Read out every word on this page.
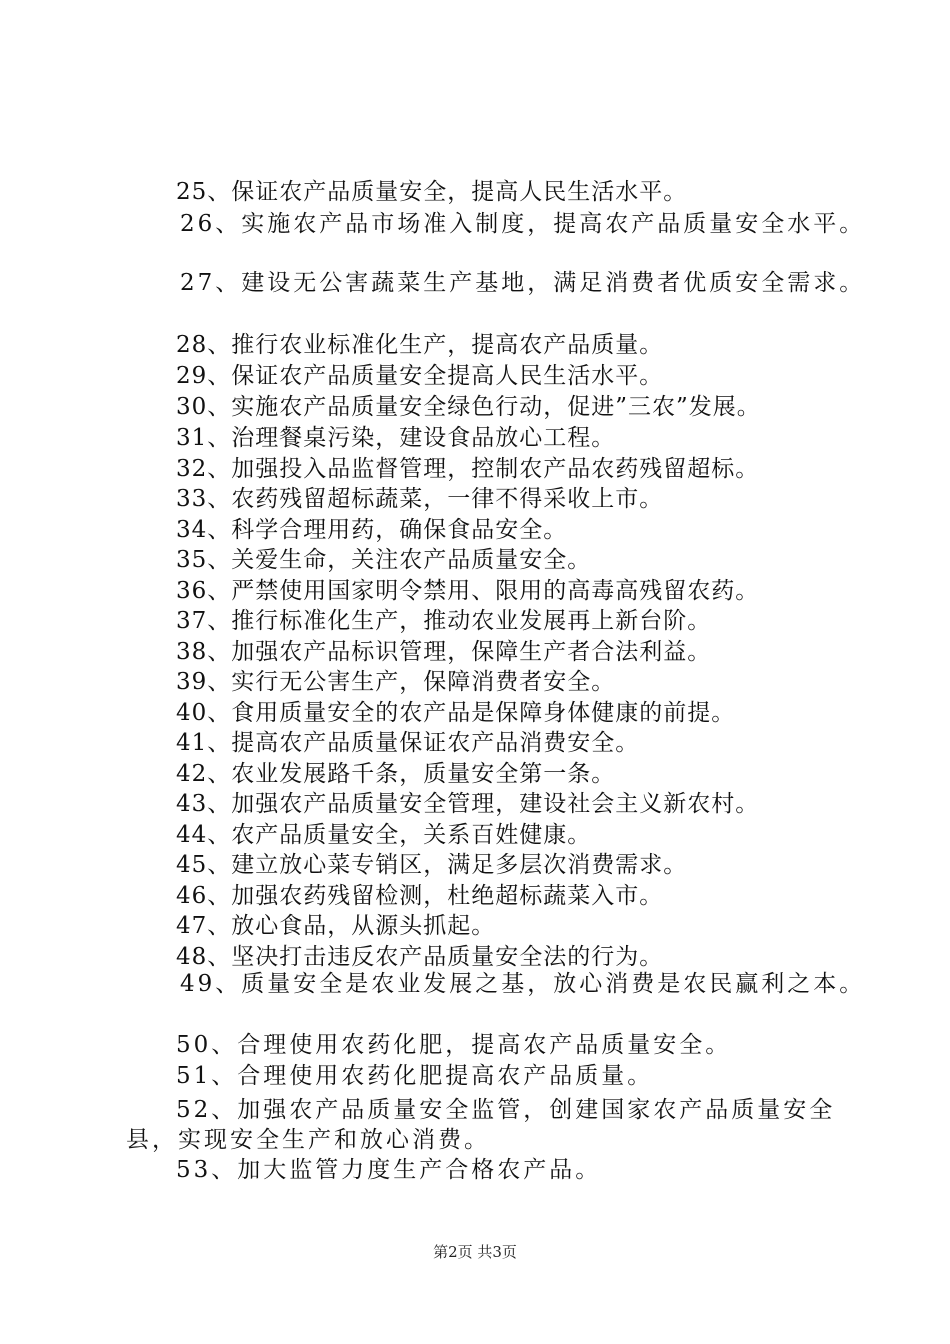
25、保证农产品质量安全，提高人民生活水平。
26、实施农产品市场准入制度，提高农产品质量安全水平。
27、建设无公害蔬菜生产基地，满足消费者优质安全需求。
28、推行农业标准化生产，提高农产品质量。
29、保证农产品质量安全提高人民生活水平。
30、实施农产品质量安全绿色行动，促进”三农”发展。
31、治理餐桌污染，建设食品放心工程。
32、加强投入品监督管理，控制农产品农药残留超标。
33、农药残留超标蔬菜，一律不得采收上市。
34、科学合理用药，确保食品安全。
35、关爱生命，关注农产品质量安全。
36、严禁使用国家明令禁用、限用的高毒高残留农药。
37、推行标准化生产，推动农业发展再上新台阶。
38、加强农产品标识管理，保障生产者合法利益。
39、实行无公害生产，保障消费者安全。
40、食用质量安全的农产品是保障身体健康的前提。
41、提高农产品质量保证农产品消费安全。
42、农业发展路千条，质量安全第一条。
43、加强农产品质量安全管理，建设社会主义新农村。
44、农产品质量安全，关系百姓健康。
45、建立放心菜专销区，满足多层次消费需求。
46、加强农药残留检测，杜绝超标蔬菜入市。
47、放心食品，从源头抓起。
48、坚决打击违反农产品质量安全法的行为。
49、质量安全是农业发展之基，放心消费是农民赢利之本。
50、合理使用农药化肥，提高农产品质量安全。
51、合理使用农药化肥提高农产品质量。
52、加强农产品质量安全监管，创建国家农产品质量安全
县，实现安全生产和放心消费。
53、加大监管力度生产合格农产品。
第2页 共3页
